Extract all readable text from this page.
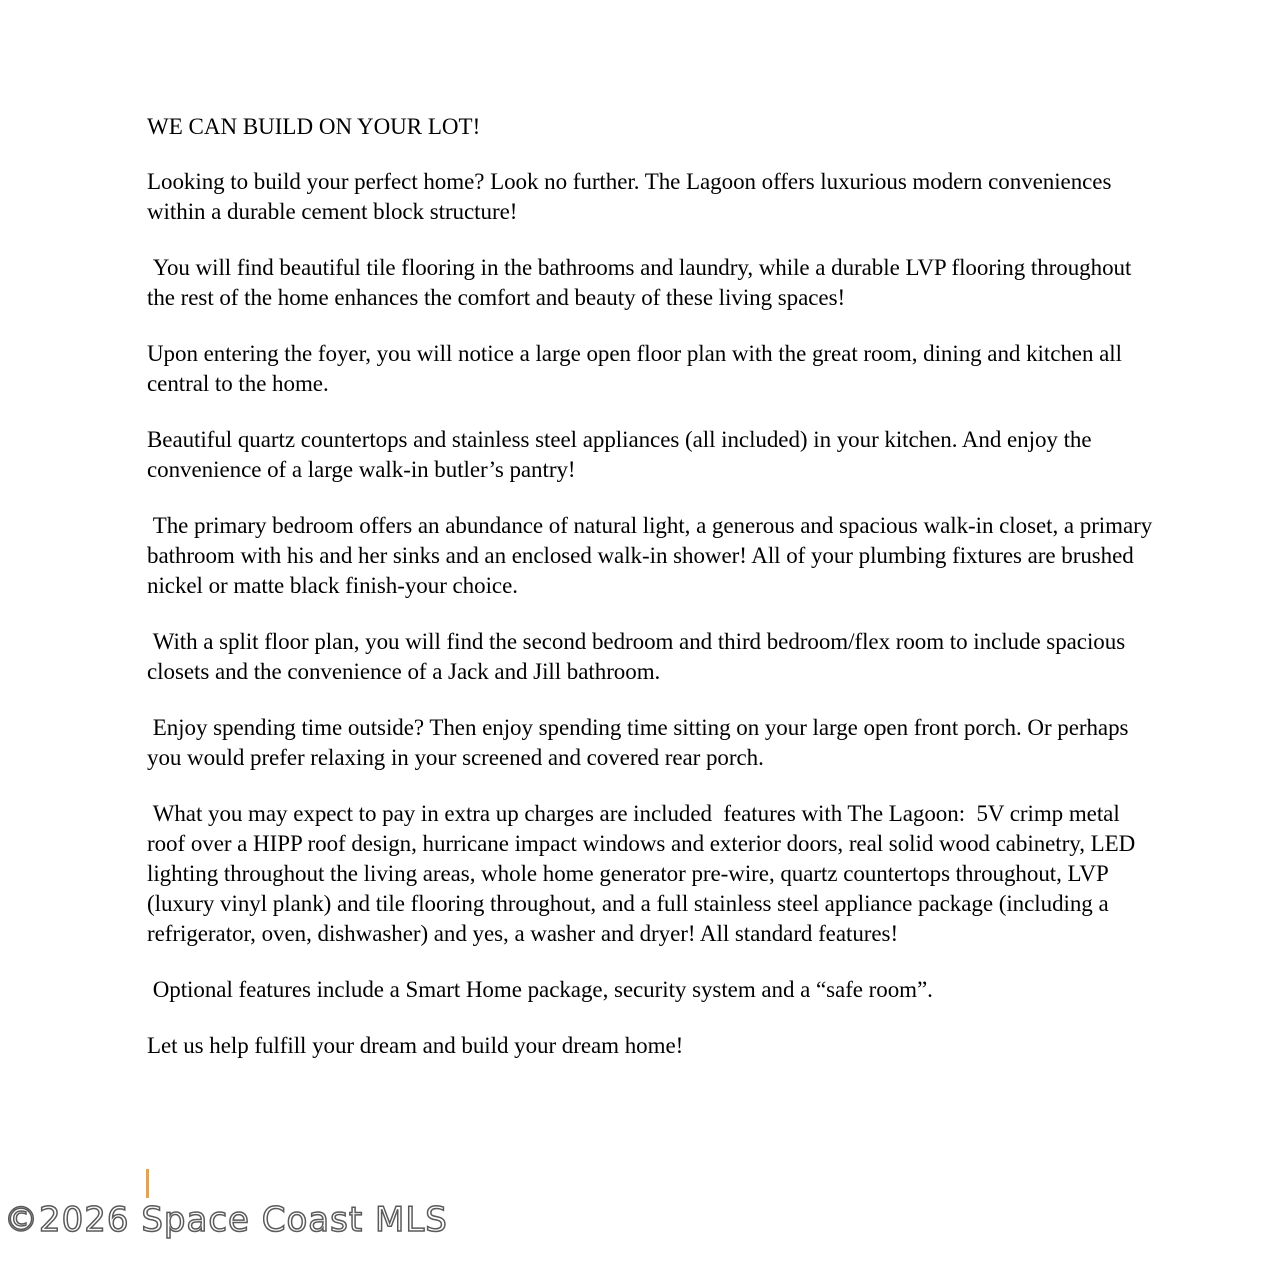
WE CAN BUILD ON YOUR LOT!

Looking to build your perfect home? Look no further. The Lagoon offers luxurious modern conveniences within a durable cement block structure!

You will find beautiful tile flooring in the bathrooms and laundry, while a durable LVP flooring throughout the rest of the home enhances the comfort and beauty of these living spaces!

Upon entering the foyer, you will notice a large open floor plan with the great room, dining and kitchen all central to the home.

Beautiful quartz countertops and stainless steel appliances (all included) in your kitchen. And enjoy the convenience of a large walk-in butler’s pantry!

The primary bedroom offers an abundance of natural light, a generous and spacious walk-in closet, a primary bathroom with his and her sinks and an enclosed walk-in shower! All of your plumbing fixtures are brushed nickel or matte black finish-your choice.

With a split floor plan, you will find the second bedroom and third bedroom/flex room to include spacious closets and the convenience of a Jack and Jill bathroom.

Enjoy spending time outside? Then enjoy spending time sitting on your large open front porch. Or perhaps you would prefer relaxing in your screened and covered rear porch.

What you may expect to pay in extra up charges are included  features with The Lagoon:  5V crimp metal roof over a HIPP roof design, hurricane impact windows and exterior doors, real solid wood cabinetry, LED lighting throughout the living areas, whole home generator pre-wire, quartz countertops throughout, LVP (luxury vinyl plank) and tile flooring throughout, and a full stainless steel appliance package (including a refrigerator, oven, dishwasher) and yes, a washer and dryer! All standard features!

Optional features include a Smart Home package, security system and a “safe room”.

Let us help fulfill your dream and build your dream home!

©2026 Space Coast MLS
